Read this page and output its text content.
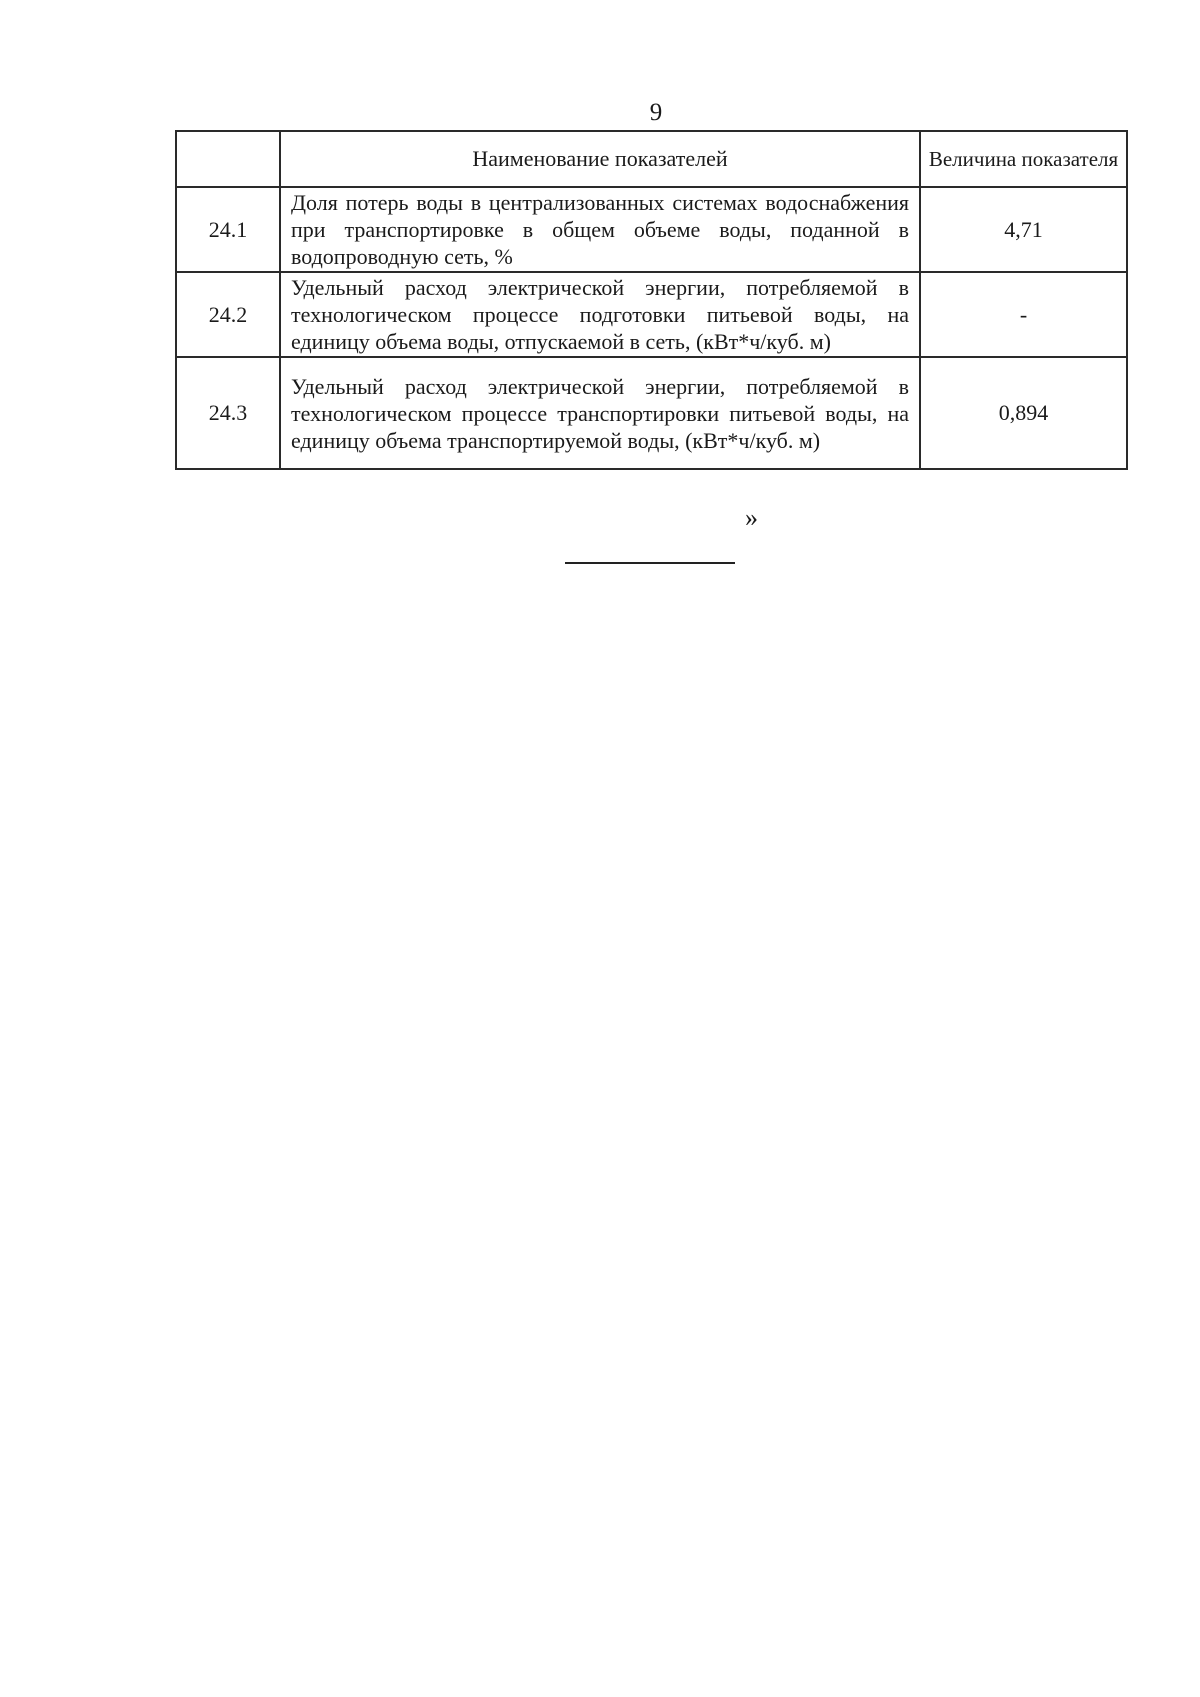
9
	Наименование показателей	Величина показателя
24.1	Доля потерь воды в централизованных системах водоснабжения при транспортировке в общем объеме воды, поданной в водопроводную сеть, %	4,71
24.2	Удельный расход электрической энергии, потребляемой в технологическом процессе подготовки питьевой воды, на единицу объема воды, отпускаемой в сеть, (кВт*ч/куб. м)	-
24.3	Удельный расход электрической энергии, потребляемой в технологическом процессе транспортировки питьевой воды, на единицу объема транспортируемой воды, (кВт*ч/куб. м)	0,894
»
